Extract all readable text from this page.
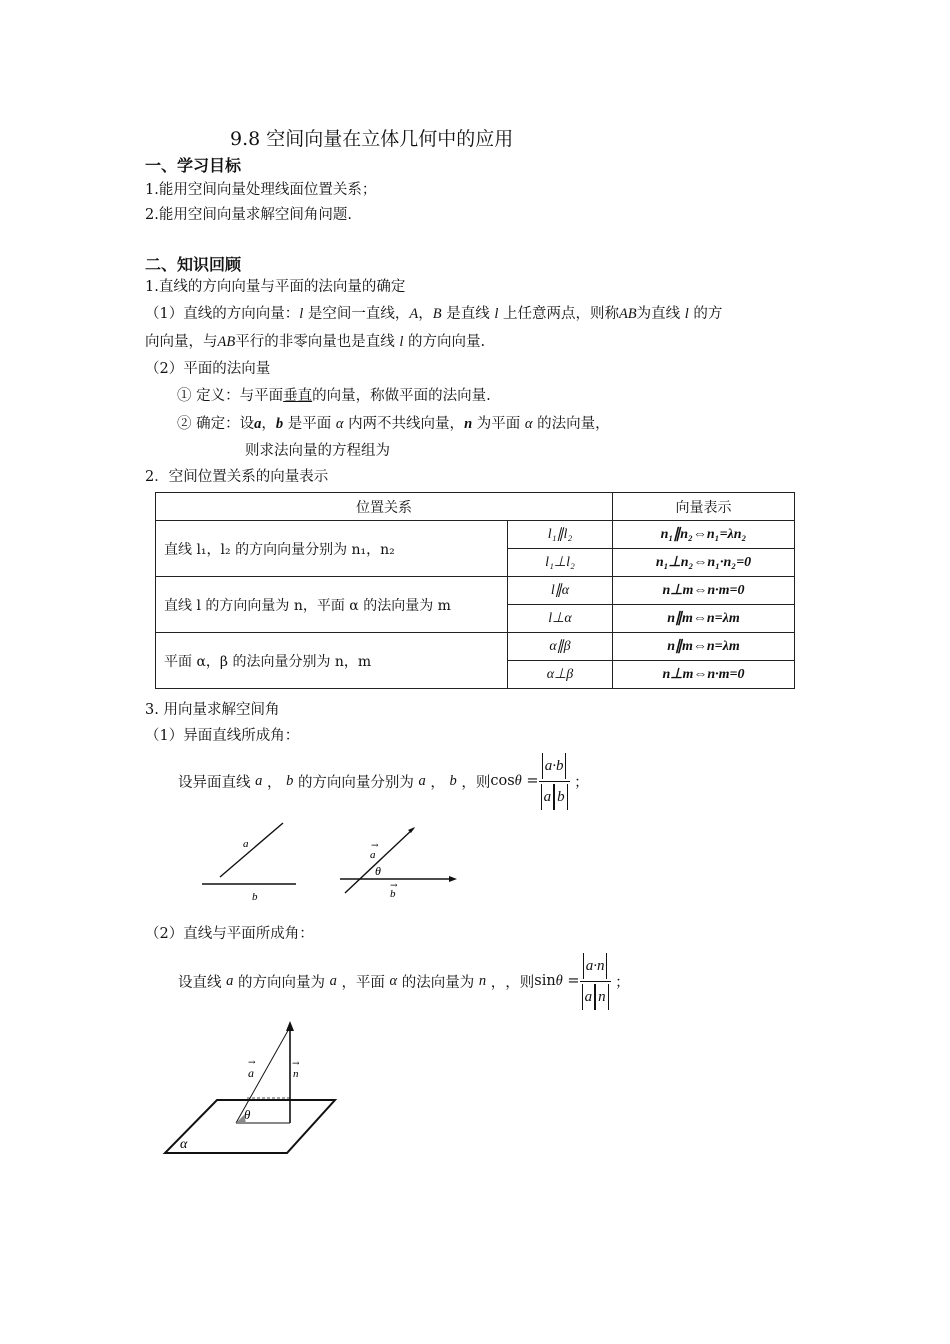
9.8 空间向量在立体几何中的应用
一、学习目标
1.能用空间向量处理线面位置关系；
2.能用空间向量求解空间角问题.
二、知识回顾
1.直线的方向向量与平面的法向量的确定
（1）直线的方向向量：l 是空间一直线，A，B 是直线 l 上任意两点，则称AB为直线 l 的方
向向量，与AB平行的非零向量也是直线 l 的方向向量.
（2）平面的法向量
① 定义：与平面垂直的向量，称做平面的法向量.
② 确定：设a，b 是平面 α 内两不共线向量，n 为平面 α 的法向量，
则求法向量的方程组为
2．空间位置关系的向量表示
位置关系		向量表示
直线 l₁，l₂ 的方向向量分别为 n₁，n₂	l₁∥l₂	n₁∥n₂⇔n₁=λn₂
	l₁⊥l₂	n₁⊥n₂⇔n₁·n₂=0
直线 l 的方向向量为 n，平面 α 的法向量为 m	l∥α	n⊥m⇔n·m=0
	l⊥α	n∥m⇔n=λm
平面 α，β 的法向量分别为 n，m	α∥β	n∥m⇔n=λm
	α⊥β	n⊥m⇔n·m=0
3. 用向量求解空间角
（1）异面直线所成角：
设异面直线
a ， b
的方向向量分别为
a ， b
，则 $\cos \theta = \frac{a\cdot b}{\text{a b}}$ ；
a
b
a
→
θ
b
→
（2）直线与平面所成角：
设直线
a
的方向向量为
a
，平面
α
的法向量为
n ， ，则 $\sin \theta = \frac{a\cdot n}{\text{a n}}$ ；
θ
a
→
n
→
α
